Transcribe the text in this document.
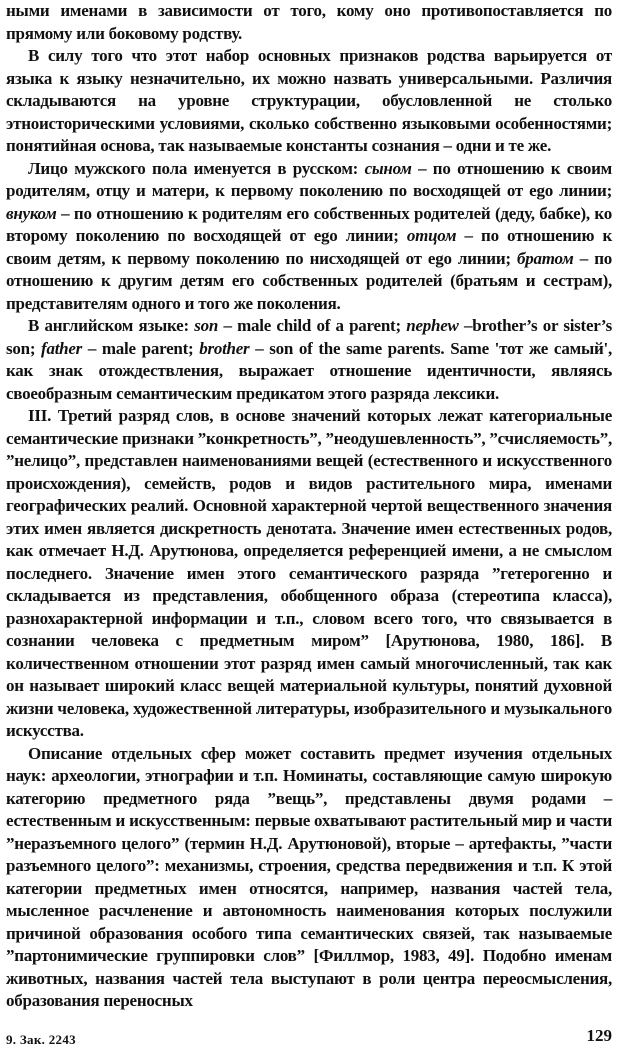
ными именами в зависимости от того, кому оно противопоставляется по прямому или боковому родству.

В силу того что этот набор основных признаков родства варьируется от языка к языку незначительно, их можно назвать универсальными. Различия складываются на уровне структурации, обусловленной не столько этноисторическими условиями, сколько собственно языковыми особенностями; понятийная основа, так называемые константы сознания – одни и те же.

Лицо мужского пола именуется в русском: сыном – по отношению к своим родителям, отцу и матери, к первому поколению по восходящей от ego линии; внуком – по отношению к родителям его собственных родителей (деду, бабке), ко второму поколению по восходящей от ego линии; отцом – по отношению к своим детям, к первому поколению по нисходящей от ego линии; братом – по отношению к другим детям его собственных родителей (братьям и сестрам), представителям одного и того же поколения.

В английском языке: son – male child of a parent; nephew –brother’s or sister’s son; father – male parent; brother – son of the same parents. Same 'тот же самый', как знак отождествления, выражает отношение идентичности, являясь своеобразным семантическим предикатом этого разряда лексики.

III. Третий разряд слов, в основе значений которых лежат категориальные семантические признаки ”конкретность”, ”неодушевленность”, ”счисляемость”, ”нелицо”, представлен наименованиями вещей (естественного и искусственного происхождения), семейств, родов и видов растительного мира, именами географических реалий. Основной характерной чертой вещественного значения этих имен является дискретность денотата. Значение имен естественных родов, как отмечает Н.Д. Арутюнова, определяется референцией имени, а не смыслом последнего. Значение имен этого семантического разряда ”гетерогенно и складывается из представления, обобщенного образа (стереотипа класса), разнохарактерной информации и т.п., словом всего того, что связывается в сознании человека с предметным миром” [Арутюнова, 1980, 186]. В количественном отношении этот разряд имен самый многочисленный, так как он называет широкий класс вещей материальной культуры, понятий духовной жизни человека, художественной литературы, изобразительного и музыкального искусства.

Описание отдельных сфер может составить предмет изучения отдельных наук: археологии, этнографии и т.п. Номинаты, составляющие самую широкую категорию предметного ряда ”вещь”, представлены двумя родами – естественным и искусственным: первые охватывают растительный мир и части ”неразъемного целого” (термин Н.Д. Арутюновой), вторые – артефакты, ”части разъемного целого”: механизмы, строения, средства передвижения и т.п. К этой категории предметных имен относятся, например, названия частей тела, мысленное расчленение и автономность наименования которых послужили причиной образования особого типа семантических связей, так называемые ”партонимические группировки слов” [Филлмор, 1983, 49]. Подобно именам животных, названия частей тела выступают в роли центра переосмысления, образования переносных

9. Зак. 2243	129
